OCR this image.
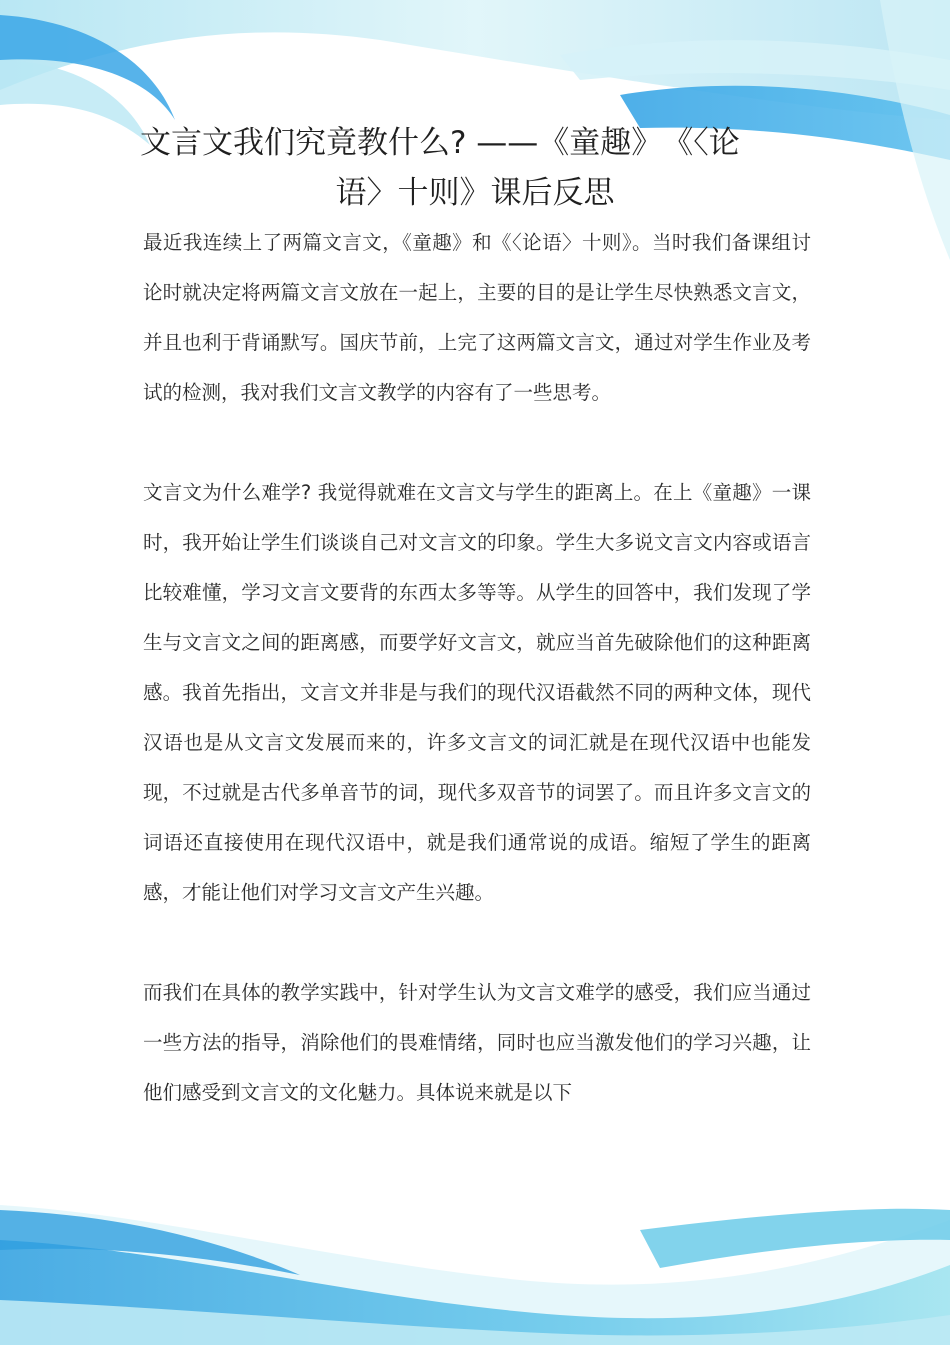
文言文我们究竟教什么? ——《童趣》　《〈论
语〉十则》课后反思

最近我连续上了两篇文言文，《童趣》和《〈论语〉十则》。当时我们备课组讨论时就决定将两篇文言文放在一起上，主要的目的是让学生尽快熟悉文言文，并且也利于背诵默写。国庆节前，上完了这两篇文言文，通过对学生作业及考试的检测，我对我们文言文教学的内容有了一些思考。

文言文为什么难学? 我觉得就难在文言文与学生的距离上。在上《童趣》一课时，我开始让学生们谈谈自己对文言文的印象。学生大多说文言文内容或语言比较难懂，学习文言文要背的东西太多等等。从学生的回答中，我们发现了学生与文言文之间的距离感，而要学好文言文，就应当首先破除他们的这种距离感。我首先指出，文言文并非是与我们的现代汉语截然不同的两种文体，现代汉语也是从文言文发展而来的，许多文言文的词汇就是在现代汉语中也能发现，不过就是古代多单音节的词，现代多双音节的词罢了。而且许多文言文的词语还直接使用在现代汉语中，就是我们通常说的成语。缩短了学生的距离感，才能让他们对学习文言文产生兴趣。

而我们在具体的教学实践中，针对学生认为文言文难学的感受，我们应当通过一些方法的指导，消除他们的畏难情绪，同时也应当激发他们的学习兴趣，让他们感受到文言文的文化魅力。具体说来就是以下
